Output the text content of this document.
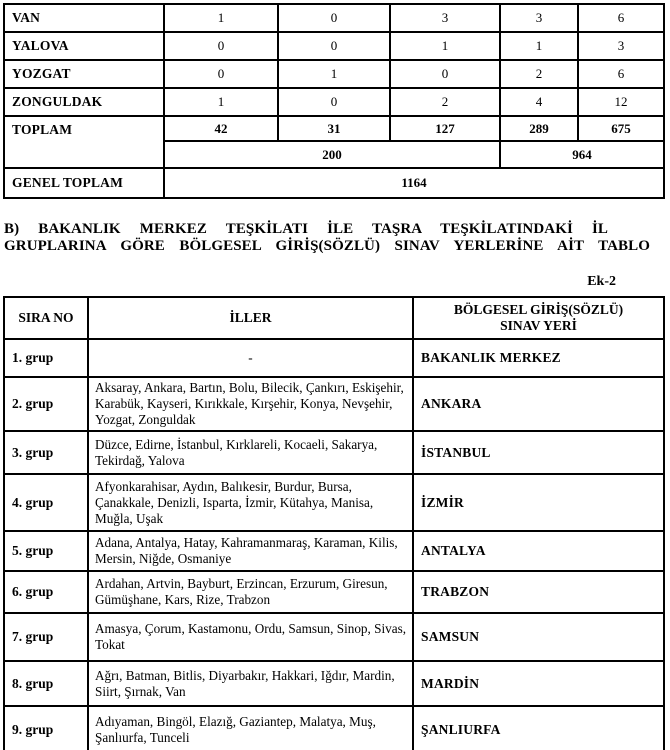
VAN	1	0	3	3	6
YALOVA	0	0	1	1	3
YOZGAT	0	1	0	2	6
ZONGULDAK	1	0	2	4	12
TOPLAM	42	31	127	289	675
	200			964	
GENEL TOPLAM	1164				
B) BAKANLIK MERKEZ TEŞKİLATI İLE TAŞRA TEŞKİLATINDAKİ İL
GRUPLARINA GÖRE BÖLGESEL GİRİŞ(SÖZLÜ) SINAV YERLERİNE AİT TABLO
Ek-2
SIRA NO	İLLER	BÖLGESEL GİRİŞ(SÖZLÜ)
SINAV YERİ

1. grup	-	BAKANLIK MERKEZ
2. grup	Aksaray, Ankara, Bartın, Bolu, Bilecik, Çankırı, Eskişehir, Karabük, Kayseri, Kırıkkale, Kırşehir, Konya, Nevşehir, Yozgat, Zonguldak	ANKARA
3. grup	Düzce, Edirne, İstanbul, Kırklareli, Kocaeli, Sakarya, Tekirdağ, Yalova	İSTANBUL
4. grup	Afyonkarahisar, Aydın, Balıkesir, Burdur, Bursa, Çanakkale, Denizli, Isparta, İzmir, Kütahya, Manisa, Muğla, Uşak	İZMİR
5. grup	Adana, Antalya, Hatay, Kahramanmaraş, Karaman, Kilis, Mersin, Niğde, Osmaniye	ANTALYA
6. grup	Ardahan, Artvin, Bayburt, Erzincan, Erzurum, Giresun, Gümüşhane, Kars, Rize, Trabzon	TRABZON
7. grup	Amasya, Çorum, Kastamonu, Ordu, Samsun, Sinop, Sivas, Tokat	SAMSUN
8. grup	Ağrı, Batman, Bitlis, Diyarbakır, Hakkari, Iğdır, Mardin, Siirt, Şırnak, Van	MARDİN
9. grup	Adıyaman, Bingöl, Elazığ, Gaziantep, Malatya, Muş, Şanlıurfa, Tunceli	ŞANLIURFA
